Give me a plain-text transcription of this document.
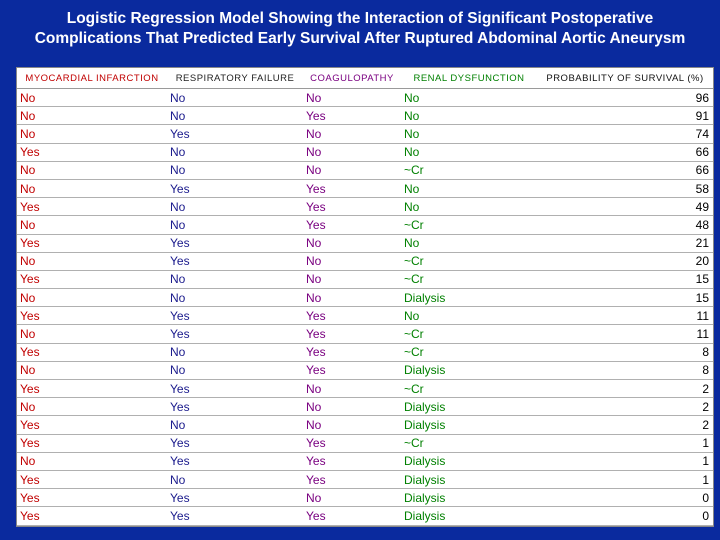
Logistic Regression Model Showing the Interaction of Significant Postoperative
Complications That Predicted Early Survival After Ruptured Abdominal Aortic Aneurysm
MYOCARDIAL INFARCTION	RESPIRATORY FAILURE	COAGULOPATHY	RENAL DYSFUNCTION	PROBABILITY OF SURVIVAL (%)
No	No	No	No	96
No	No	Yes	No	91
No	Yes	No	No	74
Yes	No	No	No	66
No	No	No	~Cr	66
No	Yes	Yes	No	58
Yes	No	Yes	No	49
No	No	Yes	~Cr	48
Yes	Yes	No	No	21
No	Yes	No	~Cr	20
Yes	No	No	~Cr	15
No	No	No	Dialysis	15
Yes	Yes	Yes	No	11
No	Yes	Yes	~Cr	11
Yes	No	Yes	~Cr	8
No	No	Yes	Dialysis	8
Yes	Yes	No	~Cr	2
No	Yes	No	Dialysis	2
Yes	No	No	Dialysis	2
Yes	Yes	Yes	~Cr	1
No	Yes	Yes	Dialysis	1
Yes	No	Yes	Dialysis	1
Yes	Yes	No	Dialysis	0
Yes	Yes	Yes	Dialysis	0
